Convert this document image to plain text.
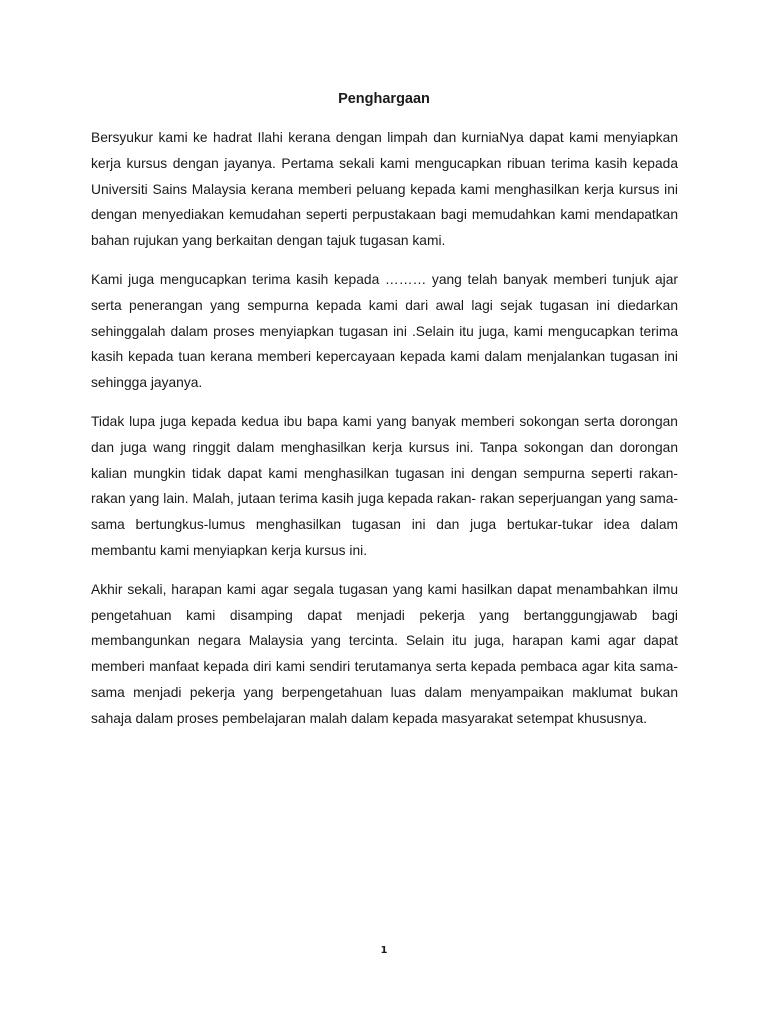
Penghargaan

Bersyukur kami ke hadrat Ilahi kerana dengan limpah dan kurniaNya dapat kami menyiapkan kerja kursus dengan jayanya. Pertama sekali kami mengucapkan ribuan terima kasih kepada Universiti Sains Malaysia kerana memberi peluang kepada kami menghasilkan kerja kursus ini dengan menyediakan kemudahan seperti perpustakaan bagi memudahkan kami mendapatkan bahan rujukan yang berkaitan dengan tajuk tugasan kami.

Kami juga mengucapkan terima kasih kepada ……… yang telah banyak memberi tunjuk ajar serta penerangan yang sempurna kepada kami dari awal lagi sejak tugasan ini diedarkan sehinggalah dalam proses menyiapkan tugasan ini .Selain itu juga, kami mengucapkan terima kasih kepada tuan kerana memberi kepercayaan kepada kami dalam menjalankan tugasan ini sehingga jayanya.

Tidak lupa juga kepada kedua ibu bapa kami yang banyak memberi sokongan serta dorongan dan juga wang ringgit dalam menghasilkan kerja kursus ini. Tanpa sokongan dan dorongan kalian mungkin tidak dapat kami menghasilkan tugasan ini dengan sempurna seperti rakan-rakan yang lain. Malah, jutaan terima kasih juga kepada rakan- rakan seperjuangan yang sama-sama bertungkus-lumus menghasilkan tugasan ini dan juga bertukar-tukar idea dalam membantu kami menyiapkan kerja kursus ini.

Akhir sekali, harapan kami agar segala tugasan yang kami hasilkan dapat menambahkan ilmu pengetahuan kami disamping dapat menjadi pekerja yang bertanggungjawab bagi membangunkan negara Malaysia yang tercinta. Selain itu juga, harapan kami agar dapat memberi manfaat kepada diri kami sendiri terutamanya serta kepada pembaca agar kita sama-sama menjadi pekerja yang berpengetahuan luas dalam menyampaikan maklumat bukan sahaja dalam proses pembelajaran malah dalam kepada masyarakat setempat khususnya.

1
